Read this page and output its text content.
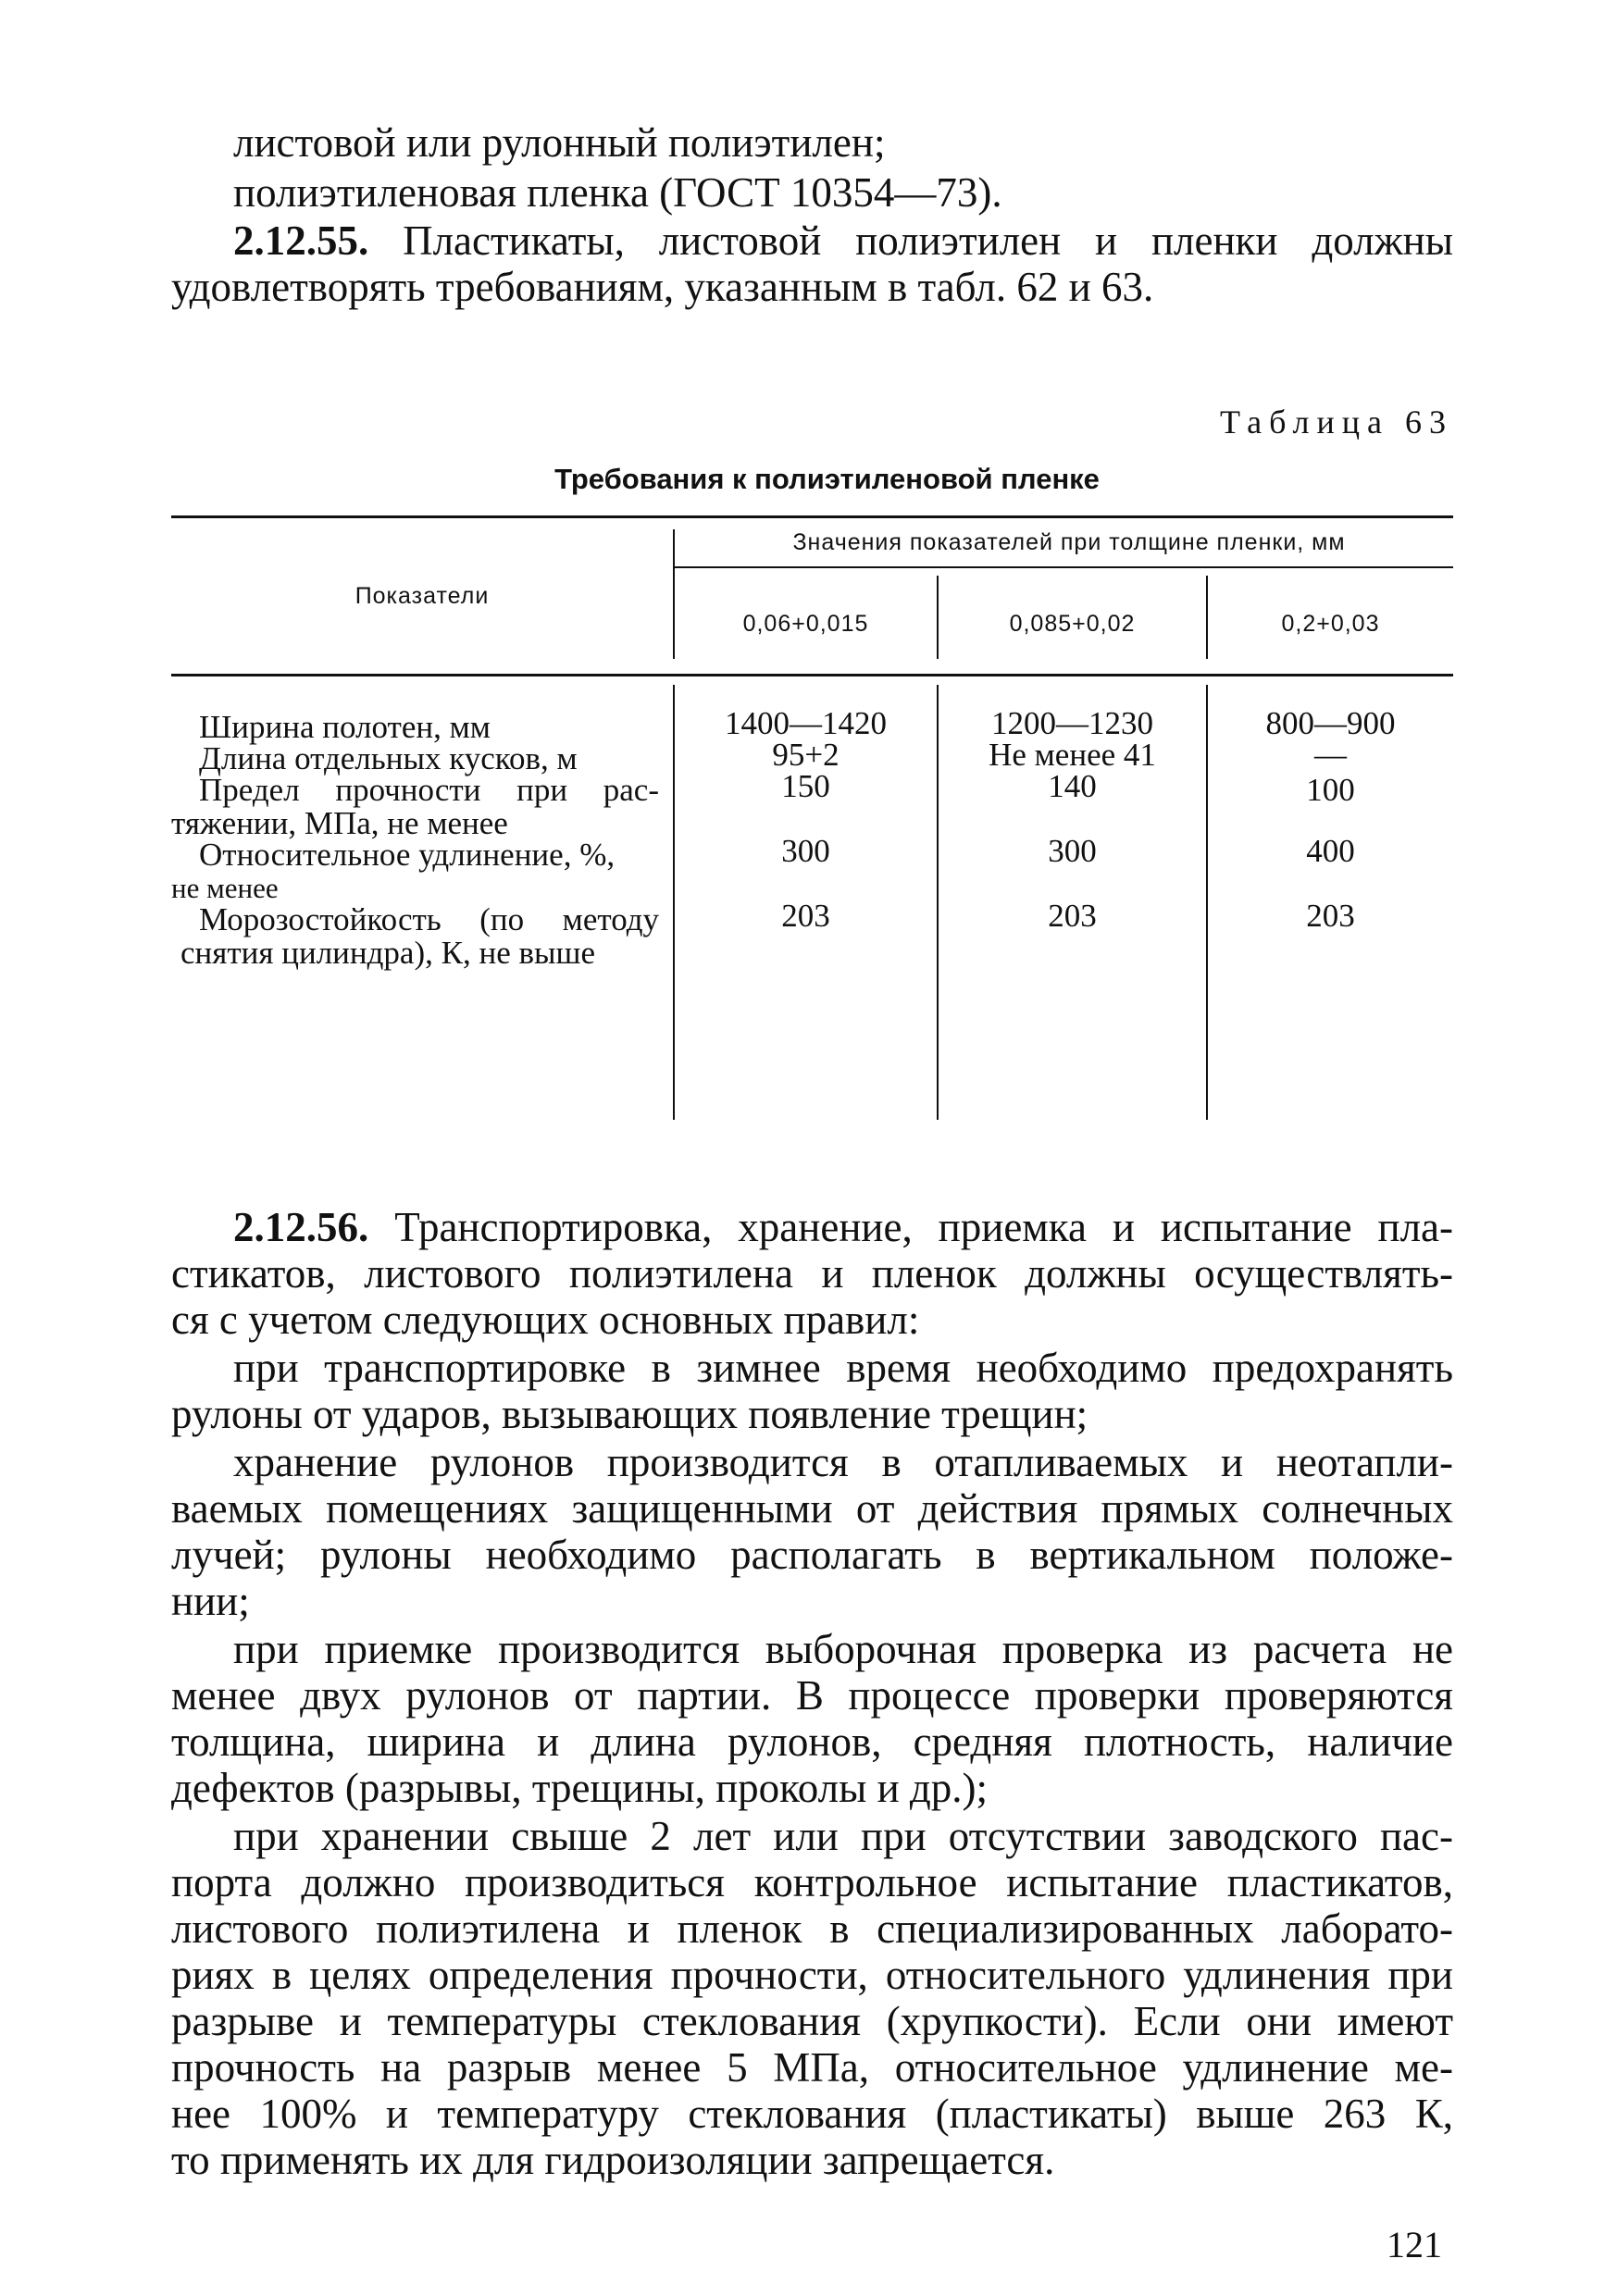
листовой или рулонный полиэтилен;
полиэтиленовая пленка (ГОСТ 10354—73).
2.12.55. Пластикаты, листовой полиэтилен и пленки должны
удовлетворять требованиям, указанным в табл. 62 и 63.
Таблица 63
Требования к полиэтиленовой пленке
Показатели
Значения показателей при толщине пленки, мм
0,06+0,015	0,085+0,02	0,2+0,03
Ширина полотен, мм	1400—1420	1200—1230	800—900
Длина отдельных кусков, м	95+2	Не менее 41	—
Предел прочности при рас-
тяжении, МПа, не менее
150	140	100
Относительное удлинение, %,
не менее
300	300	400
Морозостойкость (по методу
снятия цилиндра), К, не выше
203	203	203
2.12.56. Транспортировка, хранение, приемка и испытание пла-
стикатов, листового полиэтилена и пленок должны осуществлять-
ся с учетом следующих основных правил:
при транспортировке в зимнее время необходимо предохранять
рулоны от ударов, вызывающих появление трещин;
хранение рулонов производится в отапливаемых и неотапли-
ваемых помещениях защищенными от действия прямых солнечных
лучей; рулоны необходимо располагать в вертикальном положе-
нии;
при приемке производится выборочная проверка из расчета не
менее двух рулонов от партии. В процессе проверки проверяются
толщина, ширина и длина рулонов, средняя плотность, наличие
дефектов (разрывы, трещины, проколы и др.);
при хранении свыше 2 лет или при отсутствии заводского пас-
порта должно производиться контрольное испытание пластикатов,
листового полиэтилена и пленок в специализированных лаборато-
риях в целях определения прочности, относительного удлинения при
разрыве и температуры стеклования (хрупкости). Если они имеют
прочность на разрыв менее 5 МПа, относительное удлинение ме-
нее 100% и температуру стеклования (пластикаты) выше 263 К,
то применять их для гидроизоляции запрещается.
121
